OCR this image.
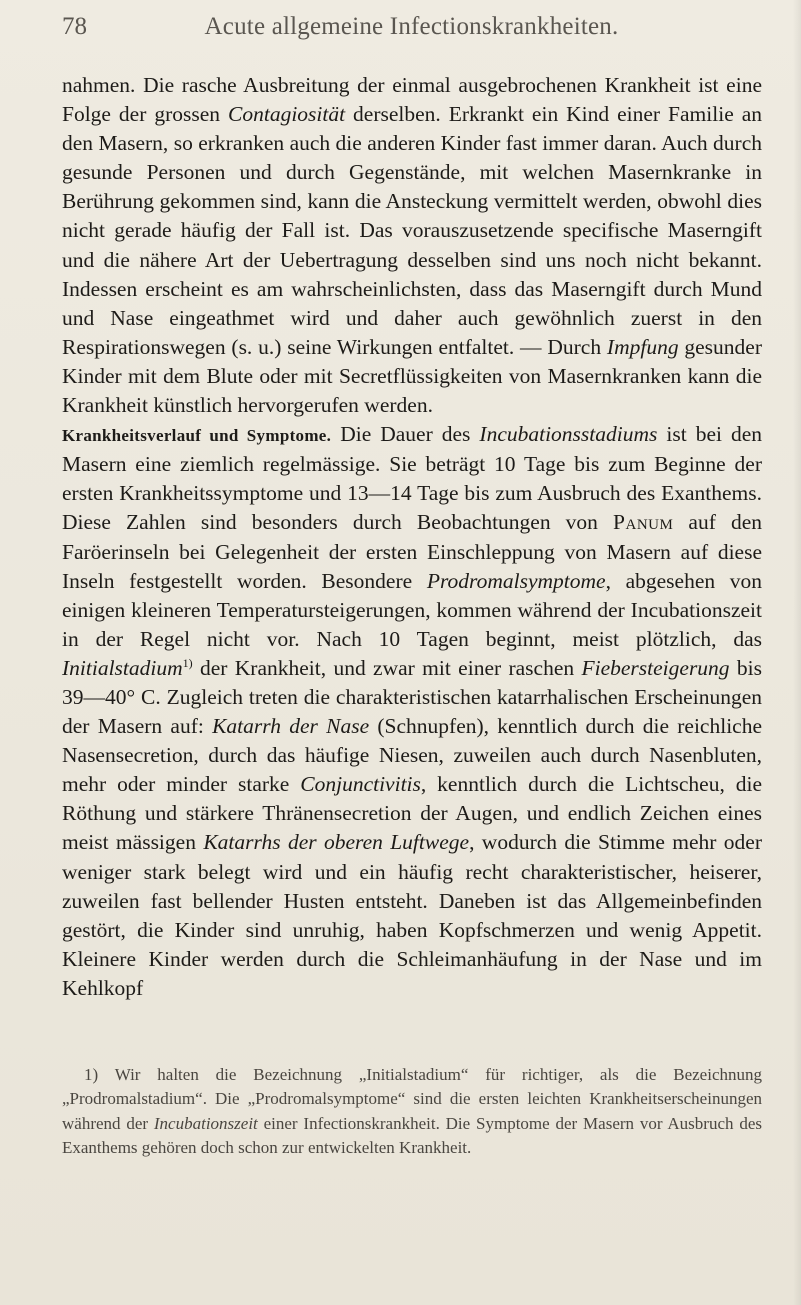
78	Acute allgemeine Infectionskrankheiten.

nahmen. Die rasche Ausbreitung der einmal ausgebrochenen Krankheit ist eine Folge der grossen Contagiosität derselben. Erkrankt ein Kind einer Familie an den Masern, so erkranken auch die anderen Kinder fast immer daran. Auch durch gesunde Personen und durch Gegenstände, mit welchen Masernkranke in Berührung gekommen sind, kann die Ansteckung vermittelt werden, obwohl dies nicht gerade häufig der Fall ist. Das vorauszusetzende specifische Maserngift und die nähere Art der Uebertragung desselben sind uns noch nicht bekannt. Indessen erscheint es am wahrscheinlichsten, dass das Maserngift durch Mund und Nase eingeathmet wird und daher auch gewöhnlich zuerst in den Respirationswegen (s. u.) seine Wirkungen entfaltet. — Durch Impfung gesunder Kinder mit dem Blute oder mit Secretflüssigkeiten von Masernkranken kann die Krankheit künstlich hervorgerufen werden.

Krankheitsverlauf und Symptome. Die Dauer des Incubationsstadiums ist bei den Masern eine ziemlich regelmässige. Sie beträgt 10 Tage bis zum Beginne der ersten Krankheitssymptome und 13—14 Tage bis zum Ausbruch des Exanthems. Diese Zahlen sind besonders durch Beobachtungen von Panum auf den Faröerinseln bei Gelegenheit der ersten Einschleppung von Masern auf diese Inseln festgestellt worden. Besondere Prodromalsymptome, abgesehen von einigen kleineren Temperatursteigerungen, kommen während der Incubationszeit in der Regel nicht vor. Nach 10 Tagen beginnt, meist plötzlich, das Initialstadium$^{1)}$ der Krankheit, und zwar mit einer raschen Fiebersteigerung bis 39—40° C. Zugleich treten die charakteristischen katarrhalischen Erscheinungen der Masern auf: Katarrh der Nase (Schnupfen), kenntlich durch die reichliche Nasensecretion, durch das häufige Niesen, zuweilen auch durch Nasenbluten, mehr oder minder starke Conjunctivitis, kenntlich durch die Lichtscheu, die Röthung und stärkere Thränensecretion der Augen, und endlich Zeichen eines meist mässigen Katarrhs der oberen Luftwege, wodurch die Stimme mehr oder weniger stark belegt wird und ein häufig recht charakteristischer, heiserer, zuweilen fast bellender Husten entsteht. Daneben ist das Allgemeinbefinden gestört, die Kinder sind unruhig, haben Kopfschmerzen und wenig Appetit. Kleinere Kinder werden durch die Schleimanhäufung in der Nase und im Kehlkopf

1) Wir halten die Bezeichnung „Initialstadium“ für richtiger, als die Bezeichnung „Prodromalstadium“. Die „Prodromalsymptome“ sind die ersten leichten Krankheitserscheinungen während der Incubationszeit einer Infectionskrankheit. Die Symptome der Masern vor Ausbruch des Exanthems gehören doch schon zur entwickelten Krankheit.
